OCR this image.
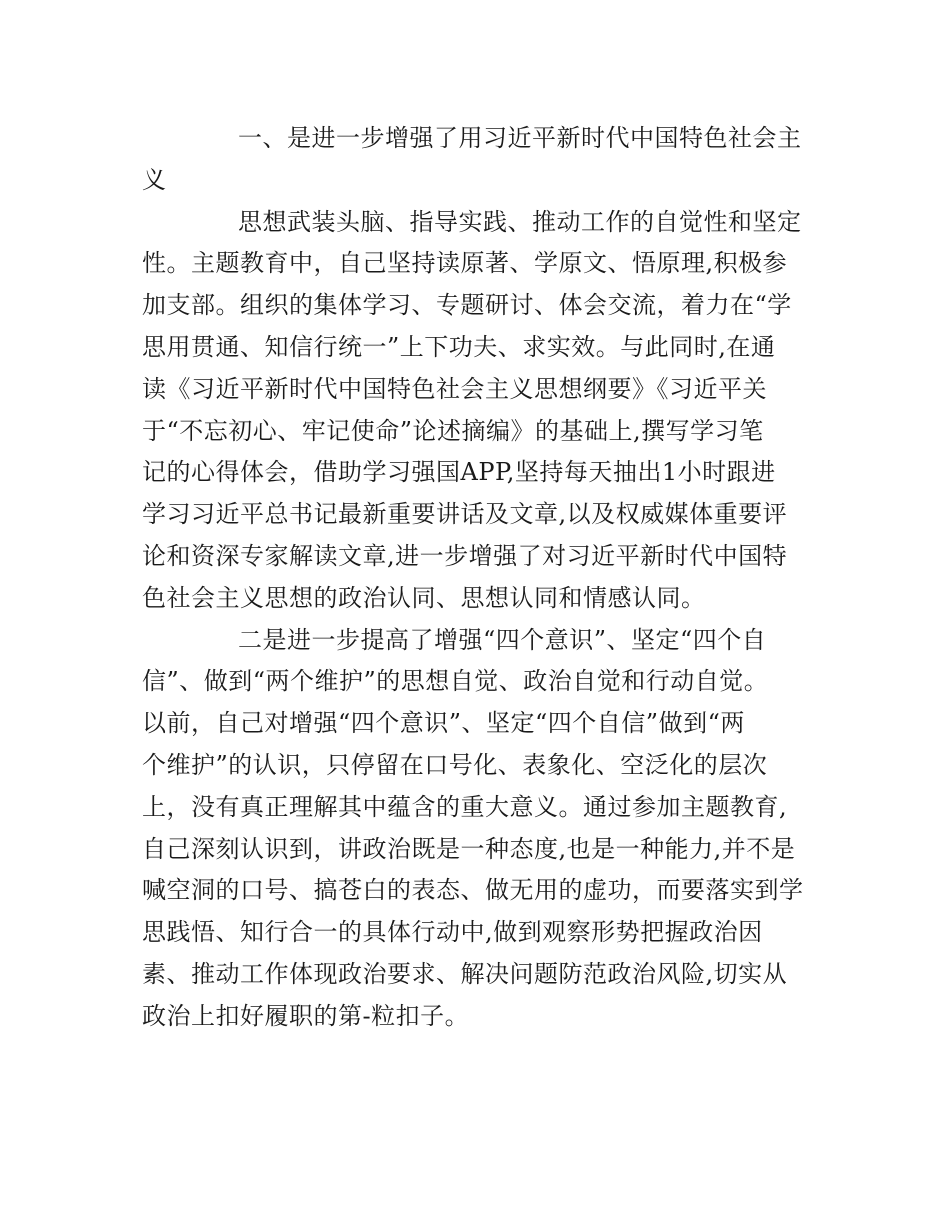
一、是进一步增强了用习近平新时代中国特色社会主
义

思想武装头脑、指导实践、推动工作的自觉性和坚定
性。主题教育中，自己坚持读原著、学原文、悟原理,积极参
加支部。组织的集体学习、专题研讨、体会交流，着力在“学
思用贯通、知信行统一”上下功夫、求实效。与此同时,在通
读《习近平新时代中国特色社会主义思想纲要》《习近平关
于“不忘初心、牢记使命”论述摘编》的基础上,撰写学习笔
记的心得体会，借助学习强国APP,坚持每天抽出1小时跟进
学习习近平总书记最新重要讲话及文章,以及权威媒体重要评
论和资深专家解读文章,进一步增强了对习近平新时代中国特
色社会主义思想的政治认同、思想认同和情感认同。

二是进一步提高了增强“四个意识”、坚定“四个自
信”、做到“两个维护”的思想自觉、政治自觉和行动自觉。
以前，自己对增强“四个意识”、坚定“四个自信”做到“两
个维护”的认识，只停留在口号化、表象化、空泛化的层次
上，没有真正理解其中蕴含的重大意义。通过参加主题教育,
自己深刻认识到，讲政治既是一种态度,也是一种能力,并不是
喊空洞的口号、搞苍白的表态、做无用的虚功，而要落实到学
思践悟、知行合一的具体行动中,做到观察形势把握政治因
素、推动工作体现政治要求、解决问题防范政治风险,切实从
政治上扣好履职的第-粒扣子。
